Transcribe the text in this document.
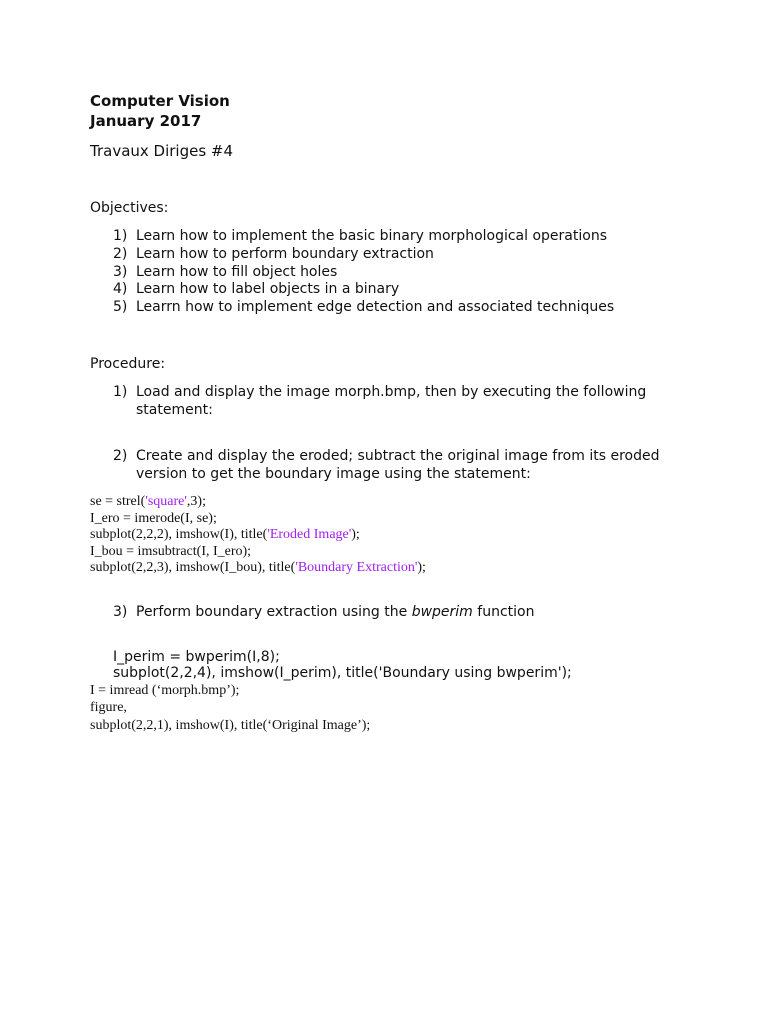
Computer Vision
January 2017
Travaux Diriges #4
Objectives:
1) Learn how to implement the basic binary morphological operations
2) Learn how to perform boundary extraction
3) Learn how to fill object holes
4) Learn how to label objects in a binary
5) Learrn how to implement edge detection and associated techniques
Procedure:
1) Load and display the image morph.bmp, then by executing the following
statement:
2) Create and display the eroded; subtract the original image from its eroded
version to get the boundary image using the statement:
se = strel('square',3);
I_ero = imerode(I, se);
subplot(2,2,2), imshow(I), title('Eroded Image');
I_bou = imsubtract(I, I_ero);
subplot(2,2,3), imshow(I_bou), title('Boundary Extraction');
3) Perform boundary extraction using the bwperim function
I_perim = bwperim(I,8);
subplot(2,2,4), imshow(I_perim), title('Boundary using bwperim');
I = imread (‘morph.bmp’);
figure,
subplot(2,2,1), imshow(I), title(‘Original Image’);
